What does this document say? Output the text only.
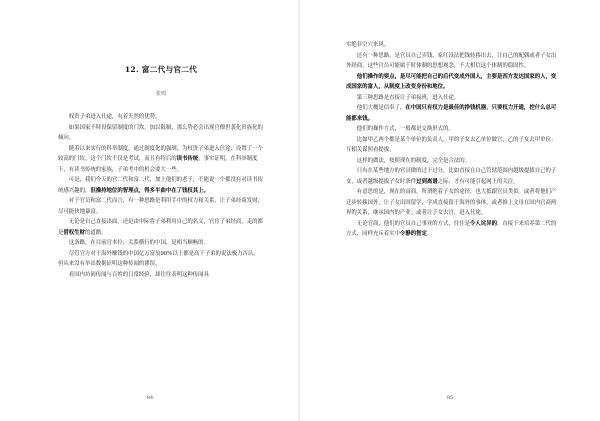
12. 富二代与官二代
张鸣

权贵子弟进入仕途，有着天然的优势。

如果国家不特设保留制度的门坎，加以限制，那么势必会出现官僚世袭化贵族化的倾向。

随着以来实行的科举制度，通过制度化的强制，为权贵子弟进入仕途，设置了一个较高的门坎。这个门坎不仅是考试，而且有特后的读书传统，事实证明，在科举制度下，有读书传统的家族，子弟考中的机会要大一些。

可是，我们今天的官二代和富二代，加上他们的老子，不能说一个都没有对读书传统感兴趣的，但操持地位的智理点，得多半曲中在了钱权其上。

对于官员和富二代而言，有一种思路是利用手中的权力和关系，让子弟经商发财，尽可能快地暴富。

无论是自己直接出面，还是由中际将子弟利用自己的名义，官宦子弟经商，走的都是借权生财的道路。

这条路，在目前官本位、关系横行的中国，是相当顺畅的。

尽管官方对于海外赚钱的中国亿万富翁90%以上都是高干子弟的说法极力否认，但从来没有举出数据证明这种传闻的谬误。

看国内坊间传闻与百姓的日常经验，却往往表明这种传闻具

84

实绝非空穴来风。

还有一种思路，是官员自己弄钱，家红设法把钱转移出去，让自己的配偶或者子女出外经商。这些官员可能属于时体制的思想观念，不大相信这个体制的稳固性。

他们操作的要点，是尽可能把自己的后代变成外国人，主要是西方发达国家的人，变成国家的富人，从制度上改变身份和地位。

第三种思路是直接让子弟接班，进入仕途。

他们大概是信奉了，在中国只有权力是最佳的挣钱机器，只要权力开通，挖什么总可能都来钱。

他们的操作方式，一般都是交换形式的。

比如甲乙两个都是某个单位的负责人，甲的子女去乙单位做官，乙的子女去甲单位：互相关谋照看提拔。

这样的做法，按照现在的制度，完全是合法的。

只有在某些地方的官员做的过于过分，比如直接在自己管辖范围内越级提拔自己的子女，或者越级提拔子女时条件过到离谱之际，才有可能引起网上的关注。

有意思的是，现在的富商，所谓绝着子女的途径，也大抵跟官员类似。或者将他们产迁步转移国外，让子女出国留学，学成直接留于海外的事体，或者推上文母在国内官商两界的关系，继承国内的产业；或者让子女去官，进入仕途。

无论官商，他们的官员自己事业的方式，往往是令人诧异的，直接下来培养第二代的方式，同样充斥着实中令静的智定。

85
